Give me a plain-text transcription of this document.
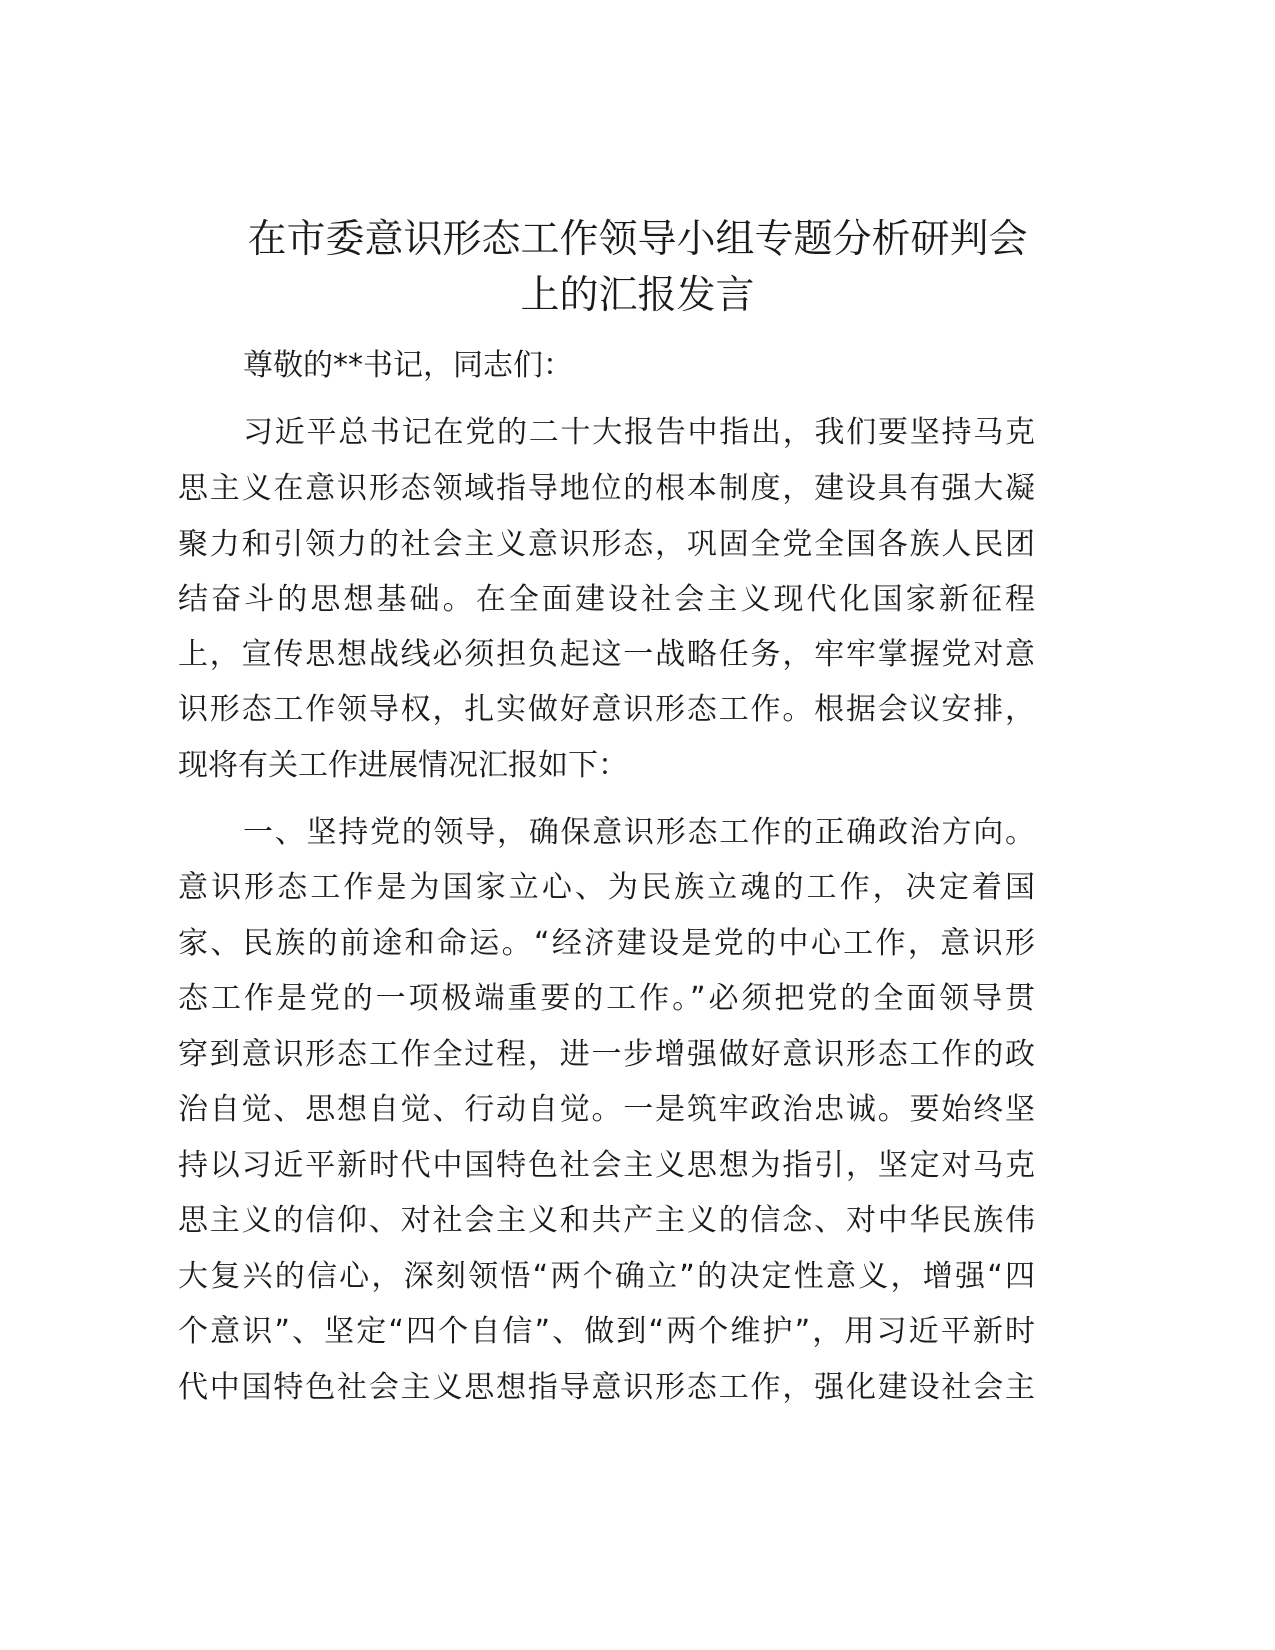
在市委意识形态工作领导小组专题分析研判会
上的汇报发言
尊敬的**书记，同志们：
习近平总书记在党的二十大报告中指出，我们要坚持马克
思主义在意识形态领域指导地位的根本制度，建设具有强大凝
聚力和引领力的社会主义意识形态，巩固全党全国各族人民团
结奋斗的思想基础。在全面建设社会主义现代化国家新征程
上，宣传思想战线必须担负起这一战略任务，牢牢掌握党对意
识形态工作领导权，扎实做好意识形态工作。根据会议安排，
现将有关工作进展情况汇报如下：
一、坚持党的领导，确保意识形态工作的正确政治方向。
意识形态工作是为国家立心、为民族立魂的工作，决定着国
家、民族的前途和命运。“经济建设是党的中心工作，意识形
态工作是党的一项极端重要的工作。”必须把党的全面领导贯
穿到意识形态工作全过程，进一步增强做好意识形态工作的政
治自觉、思想自觉、行动自觉。一是筑牢政治忠诚。要始终坚
持以习近平新时代中国特色社会主义思想为指引，坚定对马克
思主义的信仰、对社会主义和共产主义的信念、对中华民族伟
大复兴的信心，深刻领悟“两个确立”的决定性意义，增强“四
个意识”、坚定“四个自信”、做到“两个维护”，用习近平新时
代中国特色社会主义思想指导意识形态工作，强化建设社会主
